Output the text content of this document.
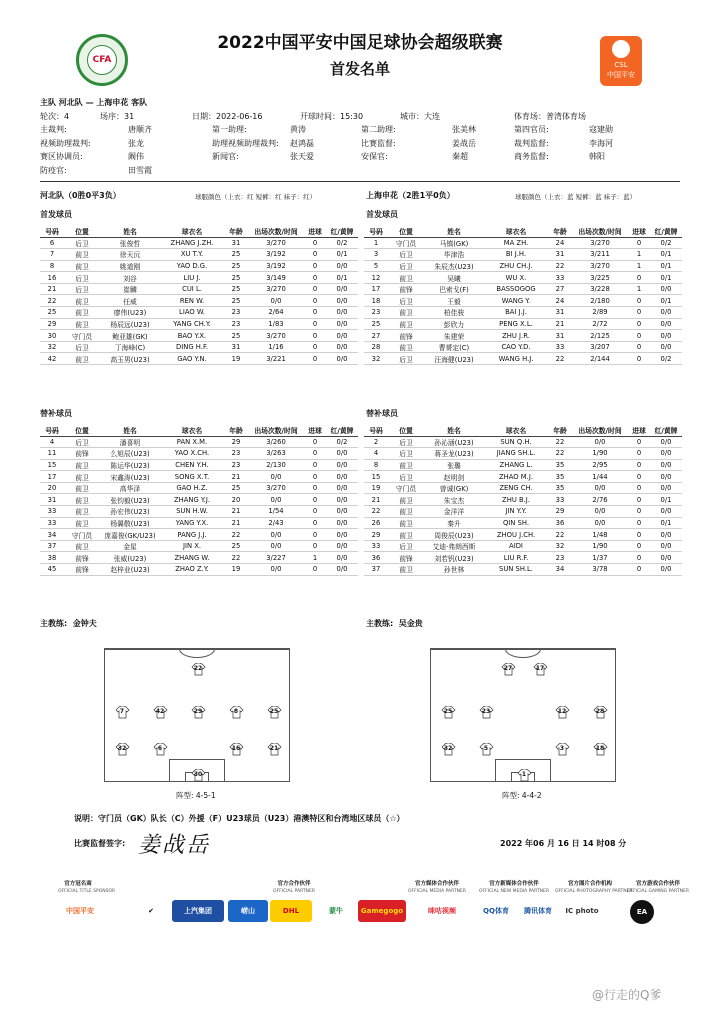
CFA
2022中国平安中国足球协会超级联赛
首发名单	CSL
中国平安
主队 河北队 — 上海申花 客队
轮次：4	场序：31	日期：2022-06-16	开球时间：15:30	城市：大连	体育场：普湾体育场
主裁判:	唐顺齐	第一助理:	黄涛	第二助理:	张美林	第四官员:	寇建勋
视频助理裁判:	张龙	助理视频助理裁判: 赵鸿磊	比赛监督:	姜战岳	裁判监督:	李海河
赛区协调员:	阚伟	新闻官:	张天爱	安保官:	秦超	商务监督:	韩阳
防疫官:	田雪霞
河北队（0胜0平3负）	球服颜色（上衣：红 短裤：红 袜子：红）	上海申花（2胜1平0负）	球服颜色（上衣：蓝 短裤：蓝 袜子：蓝）
首发球员	首发球员
号码	位置	姓名	球衣名	年龄	出场次数/时间	进球	红/黄牌
6	后卫	张俊哲	ZHANG J.ZH.	31	3/270	0	0/2
7	前卫	徐天沅	XU T.Y.	25	3/192	0	0/1
8	前卫	姚道刚	YAO D.G.	25	3/192	0	0/0
16	后卫	刘谷	LIU J.	25	3/149	0	0/1
21	后卫	崔麟	CUI L.	25	3/270	0	0/0
22	前卫	任威	REN W.	25	0/0	0	0/0
25	前卫	廖伟(U23)	LIAO W.	23	2/64	0	0/0
29	前卫	杨辰远(U23)	YANG CH.Y.	23	1/83	0	0/0
30	守门员	鲍亚雄(GK)	BAO Y.X.	25	3/270	0	0/0
32	后卫	丁海峰(C)	DING H.F.	31	1/16	0	0/0
42	前卫	高玉男(U23)	GAO Y.N.	19	3/221	0	0/0
号码	位置	姓名	球衣名	年龄	出场次数/时间	进球	红/黄牌
1	守门员	马镇(GK)	MA ZH.	24	3/270	0	0/2
3	后卫	毕津浩	BI J.H.	31	3/211	1	0/1
5	后卫	朱辰杰(U23)	ZHU CH.J.	22	3/270	1	0/1
12	前卫	吴曦	WU X.	33	3/225	0	0/1
17	前锋	巴索戈(F)	BASSOGOG	27	3/228	1	0/0
18	后卫	王毅	WANG Y.	24	2/180	0	0/1
23	前卫	柏佳骏	BAI J.J.	31	2/89	0	0/0
25	前卫	彭欣力	PENG X.L.	21	2/72	0	0/0
27	前锋	朱建荣	ZHU J.R.	31	2/125	0	0/0
28	前卫	曹赟定(C)	CAO Y.D.	33	3/207	0	0/0
32	后卫	汪海健(U23)	WANG H.J.	22	2/144	0	0/2
替补球员	替补球员
号码	位置	姓名	球衣名	年龄	出场次数/时间	进球	红/黄牌
4	后卫	潘喜明	PAN X.M.	29	3/260	0	0/2
11	前锋	么旭辰(U23)	YAO X.CH.	23	3/263	0	0/0
15	前卫	陈运华(U23)	CHEN Y.H.	23	2/130	0	0/0
17	前卫	宋鑫涛(U23)	SONG X.T.	21	0/0	0	0/0
20	前卫	高华泽	GAO H.Z.	25	3/270	0	0/0
31	前卫	张钧毅(U23)	ZHANG Y.J.	20	0/0	0	0/0
33	前卫	孙宏伟(U23)	SUN H.W.	21	1/54	0	0/0
33	前卫	杨翼敬(U23)	YANG Y.X.	21	2/43	0	0/0
34	守门员	庞嘉俊(GK/U23)	PANG J.J.	22	0/0	0	0/0
37	前卫	金星	JIN X.	25	0/0	0	0/0
38	前锋	张威(U23)	ZHANG W.	22	3/227	1	0/0
45	前锋	赵梓业(U23)	ZHAO Z.Y.	19	0/0	0	0/0
号码	位置	姓名	球衣名	年龄	出场次数/时间	进球	红/黄牌
2	后卫	孙沁涵(U23)	SUN Q.H.	22	0/0	0	0/0
4	后卫	蒋圣龙(U23)	JIANG SH.L.	22	1/90	0	0/0
8	前卫	张璐	ZHANG L.	35	2/95	0	0/0
15	后卫	赵明剑	ZHAO M.J.	35	1/44	0	0/0
19	守门员	曾诚(GK)	ZENG CH.	35	0/0	0	0/0
21	前卫	朱宝杰	ZHU B.J.	33	2/76	0	0/1
22	前卫	金洋洋	JIN Y.Y.	29	0/0	0	0/0
26	前卫	秦升	QIN SH.	36	0/0	0	0/1
29	前卫	周俊辰(U23)	ZHOU J.CH.	22	1/48	0	0/0
33	后卫	艾迪·弗朗西斯	AIDI	32	1/90	0	0/0
36	前锋	刘若钒(U23)	LIU R.F.	23	1/37	0	0/0
37	前卫	孙世林	SUN SH.L.	34	3/78	0	0/0
主教练: 金钟夫	主教练: 吴金贵
22
7	42	29	8	25
32	6	16	21
30
阵型: 4-5-1
27	17
25	23	12	28
32	5	3	18
1
阵型: 4-4-2
说明：守门员（GK）队长（C）外援（F）U23球员（U23）港澳特区和台湾地区球员（☆）
比赛监督签字: 姜战岳	2022 年06 月 16 日 14 时08 分
官方冠名商
OFFICIAL TITLE SPONSOR
官方合作伙伴
OFFICIAL PARTNER
官方媒体合作伙伴
OFFICIAL MEDIA PARTNER
官方新媒体合作伙伴
OFFICIAL NEW MEDIA PARTNER
官方图片合作机构
OFFICIAL PHOTOGRAPHY PARTNER
官方游戏合作伙伴
OFFICIAL GAMING PARTNER
中国平安	✔	上汽集团	崂山	DHL	蒙牛	Gamegogo	咪咕视频	QQ体育	腾讯体育	IC photo	EA
@行走的Q爹
